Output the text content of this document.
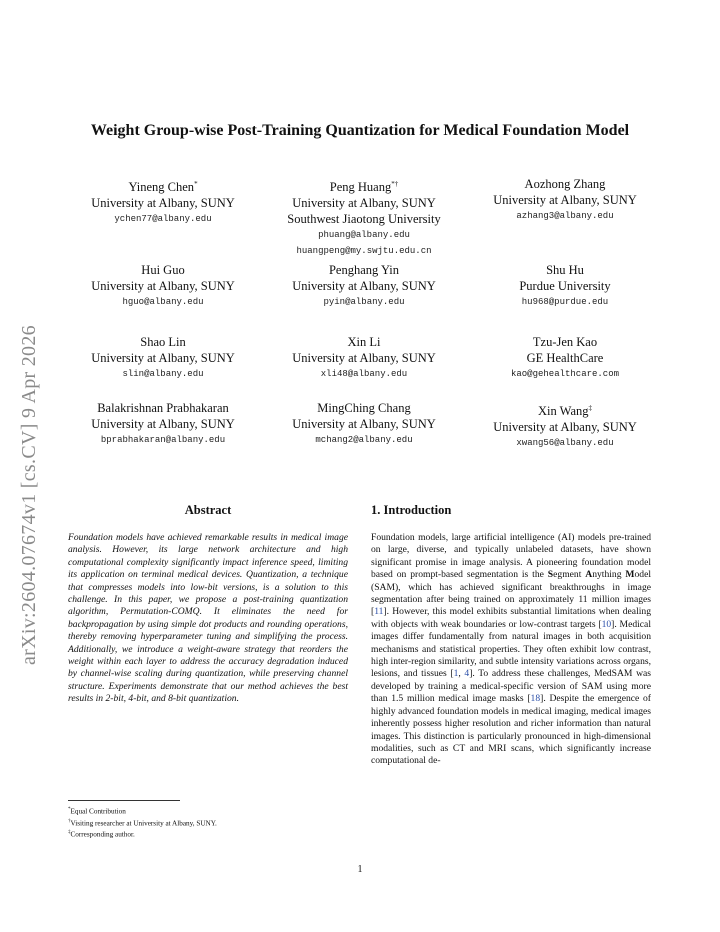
arXiv:2604.07674v1 [cs.CV] 9 Apr 2026
Weight Group-wise Post-Training Quantization for Medical Foundation Model
Yineng Chen*
University at Albany, SUNY
ychen77@albany.edu
Peng Huang*†
University at Albany, SUNY
Southwest Jiaotong University
phuang@albany.edu
huangpeng@my.swjtu.edu.cn
Aozhong Zhang
University at Albany, SUNY
azhang3@albany.edu
Hui Guo
University at Albany, SUNY
hguo@albany.edu
Penghang Yin
University at Albany, SUNY
pyin@albany.edu
Shu Hu
Purdue University
hu968@purdue.edu
Shao Lin
University at Albany, SUNY
slin@albany.edu
Xin Li
University at Albany, SUNY
xli48@albany.edu
Tzu-Jen Kao
GE HealthCare
kao@gehealthcare.com
Balakrishnan Prabhakaran
University at Albany, SUNY
bprabhakaran@albany.edu
MingChing Chang
University at Albany, SUNY
mchang2@albany.edu
Xin Wang‡
University at Albany, SUNY
xwang56@albany.edu
Abstract
Foundation models have achieved remarkable results in medical image analysis. However, its large network architecture and high computational complexity significantly impact inference speed, limiting its application on terminal medical devices. Quantization, a technique that compresses models into low-bit versions, is a solution to this challenge. In this paper, we propose a post-training quantization algorithm, Permutation-COMQ. It eliminates the need for backpropagation by using simple dot products and rounding operations, thereby removing hyperparameter tuning and simplifying the process. Additionally, we introduce a weight-aware strategy that reorders the weight within each layer to address the accuracy degradation induced by channel-wise scaling during quantization, while preserving channel structure. Experiments demonstrate that our method achieves the best results in 2-bit, 4-bit, and 8-bit quantization.
*Equal Contribution
†Visiting researcher at University at Albany, SUNY.
‡Corresponding author.
1. Introduction
Foundation models, large artificial intelligence (AI) models pre-trained on large, diverse, and typically unlabeled datasets, have shown significant promise in image analysis. A pioneering foundation model based on prompt-based segmentation is the Segment Anything Model (SAM), which has achieved significant breakthroughs in image segmentation after being trained on approximately 11 million images [11]. However, this model exhibits substantial limitations when dealing with objects with weak boundaries or low-contrast targets [10]. Medical images differ fundamentally from natural images in both acquisition mechanisms and statistical properties. They often exhibit low contrast, high inter-region similarity, and subtle intensity variations across organs, lesions, and tissues [1, 4]. To address these challenges, MedSAM was developed by training a medical-specific version of SAM using more than 1.5 million medical image masks [18]. Despite the emergence of highly advanced foundation models in medical imaging, medical images inherently possess higher resolution and richer information than natural images. This distinction is particularly pronounced in high-dimensional modalities, such as CT and MRI scans, which significantly increase computational de-
1
